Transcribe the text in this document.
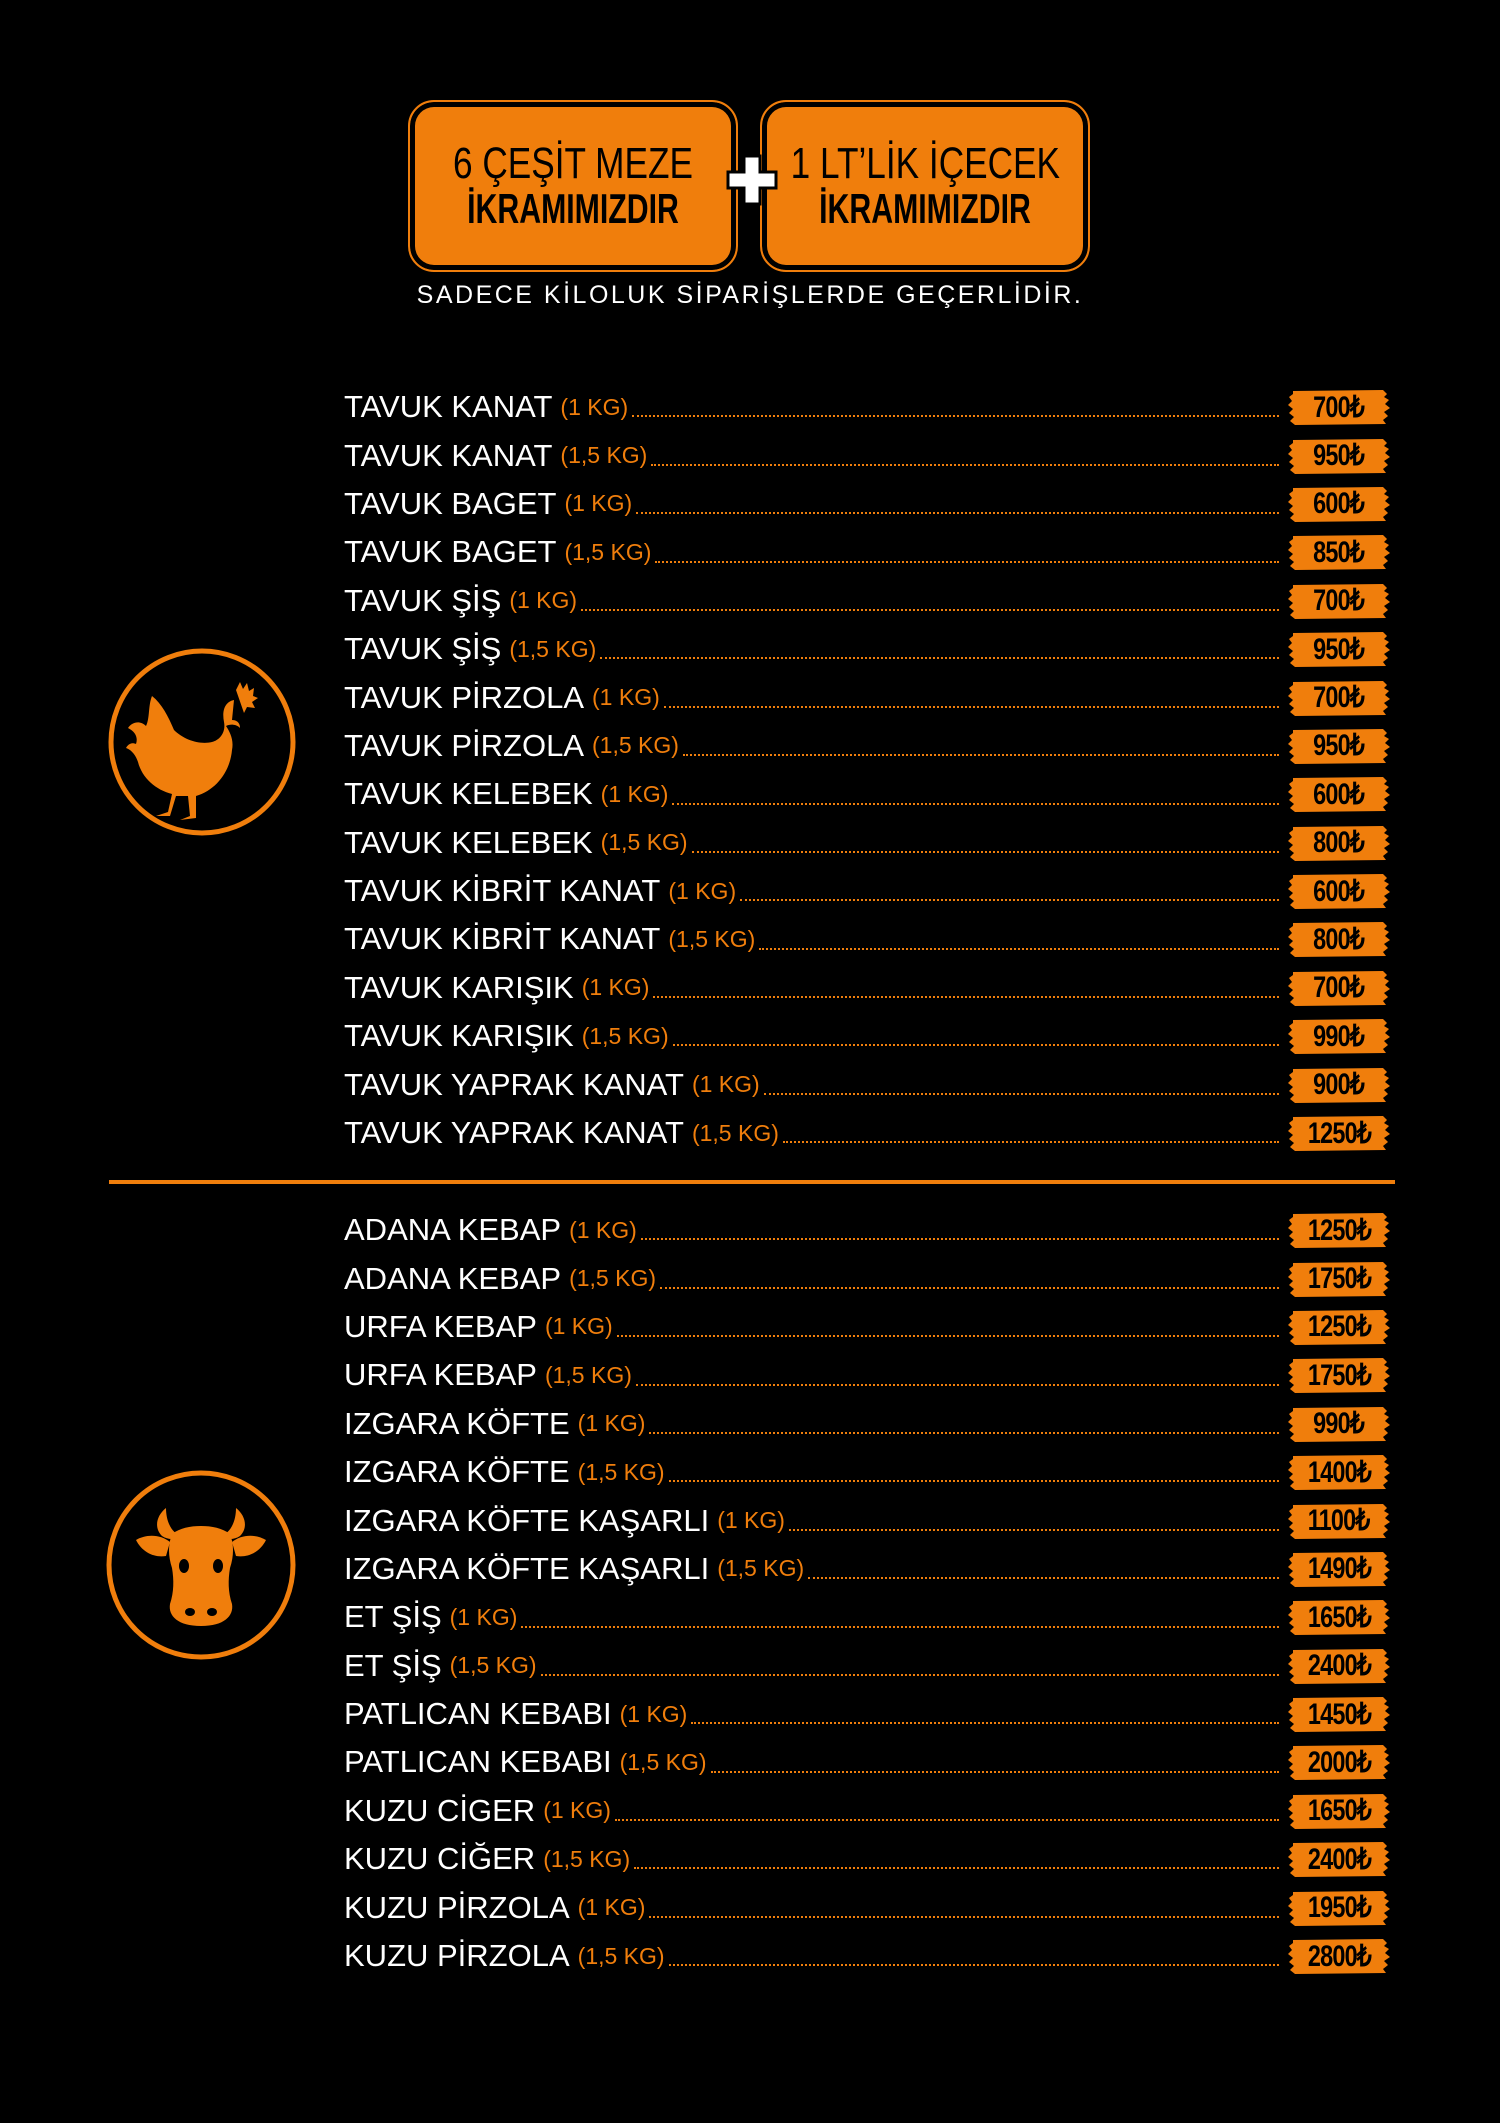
6 ÇEŞİT MEZE
İKRAMIMIZDIR
1 LT’LİK İÇECEK
İKRAMIMIZDIR
SADECE KİLOLUK SİPARİŞLERDE GEÇERLİDİR.
TAVUK KANAT (1 KG)	700₺
TAVUK KANAT (1,5 KG)	950₺
TAVUK BAGET (1 KG)	600₺
TAVUK BAGET (1,5 KG)	850₺
TAVUK ŞİŞ (1 KG)	700₺
TAVUK ŞİŞ (1,5 KG)	950₺
TAVUK PİRZOLA (1 KG)	700₺
TAVUK PİRZOLA (1,5 KG)	950₺
TAVUK KELEBEK (1 KG)	600₺
TAVUK KELEBEK (1,5 KG)	800₺
TAVUK KİBRİT KANAT (1 KG)	600₺
TAVUK KİBRİT KANAT (1,5 KG)	800₺
TAVUK KARIŞIK (1 KG)	700₺
TAVUK KARIŞIK (1,5 KG)	990₺
TAVUK YAPRAK KANAT (1 KG)	900₺
TAVUK YAPRAK KANAT (1,5 KG)	1250₺
ADANA KEBAP (1 KG)	1250₺
ADANA KEBAP (1,5 KG)	1750₺
URFA KEBAP (1 KG)	1250₺
URFA KEBAP (1,5 KG)	1750₺
IZGARA KÖFTE (1 KG)	990₺
IZGARA KÖFTE (1,5 KG)	1400₺
IZGARA KÖFTE KAŞARLI (1 KG)	1100₺
IZGARA KÖFTE KAŞARLI (1,5 KG)	1490₺
ET ŞİŞ (1 KG)	1650₺
ET ŞİŞ (1,5 KG)	2400₺
PATLICAN KEBABI (1 KG)	1450₺
PATLICAN KEBABI (1,5 KG)	2000₺
KUZU CİGER (1 KG)	1650₺
KUZU CİĞER (1,5 KG)	2400₺
KUZU PİRZOLA (1 KG)	1950₺
KUZU PİRZOLA (1,5 KG)	2800₺
